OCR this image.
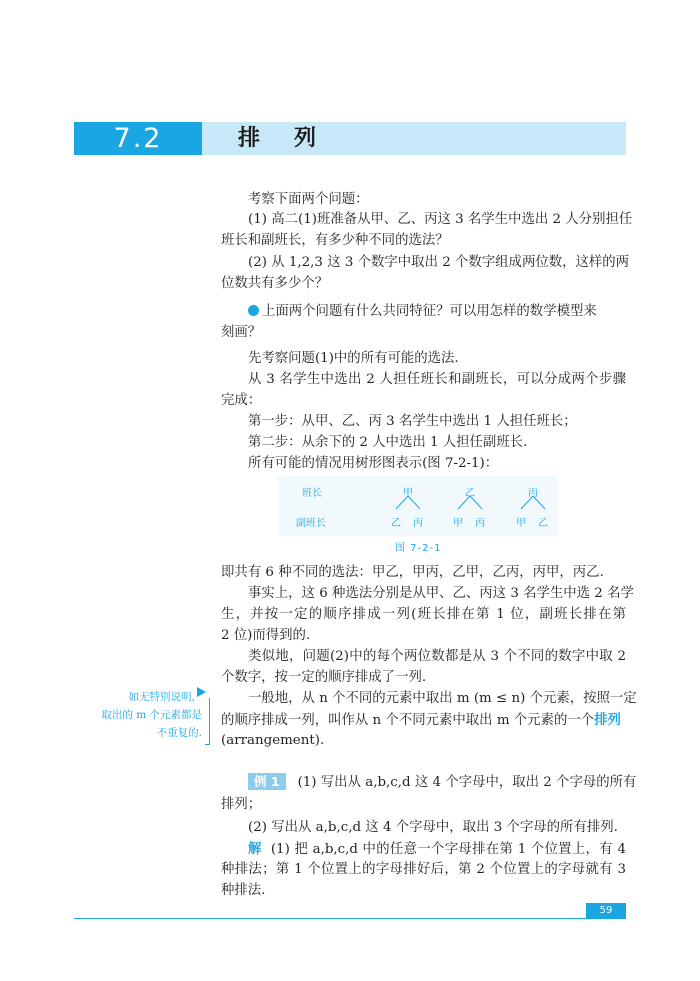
7.2	排列
考察下面两个问题：
(1) 高二(1)班准备从甲、乙、丙这 3 名学生中选出 2 人分别担任
班长和副班长，有多少种不同的选法？
(2) 从 1,2,3 这 3 个数字中取出 2 个数字组成两位数，这样的两
位数共有多少个？
上面两个问题有什么共同特征？可以用怎样的数学模型来
刻画？
先考察问题(1)中的所有可能的选法.
从 3 名学生中选出 2 人担任班长和副班长，可以分成两个步骤
完成：
第一步：从甲、乙、丙 3 名学生中选出 1 人担任班长；
第二步：从余下的 2 人中选出 1 人担任副班长.
所有可能的情况用树形图表示(图 7-2-1)：
班长
副班长
甲	乙	丙
乙 丙	甲 丙	甲 乙
图 7-2-1
即共有 6 种不同的选法：甲乙，甲丙，乙甲，乙丙，丙甲，丙乙.
事实上，这 6 种选法分别是从甲、乙、丙这 3 名学生中选 2 名学
生，并按一定的顺序排成一列(班长排在第 1 位，副班长排在第
2 位)而得到的.
类似地，问题(2)中的每个两位数都是从 3 个不同的数字中取 2
个数字，按一定的顺序排成了一列.
一般地，从 n 个不同的元素中取出 m (m ≤ n) 个元素，按照一定
的顺序排成一列，叫作从 n 个不同元素中取出 m 个元素的一个排列
(arrangement).
如无特别说明，
取出的 m 个元素都是
不重复的.
例 1 (1) 写出从 a,b,c,d 这 4 个字母中，取出 2 个字母的所有
排列；
(2) 写出从 a,b,c,d 这 4 个字母中，取出 3 个字母的所有排列.
解 (1) 把 a,b,c,d 中的任意一个字母排在第 1 个位置上，有 4
种排法；第 1 个位置上的字母排好后，第 2 个位置上的字母就有 3
种排法.
59
